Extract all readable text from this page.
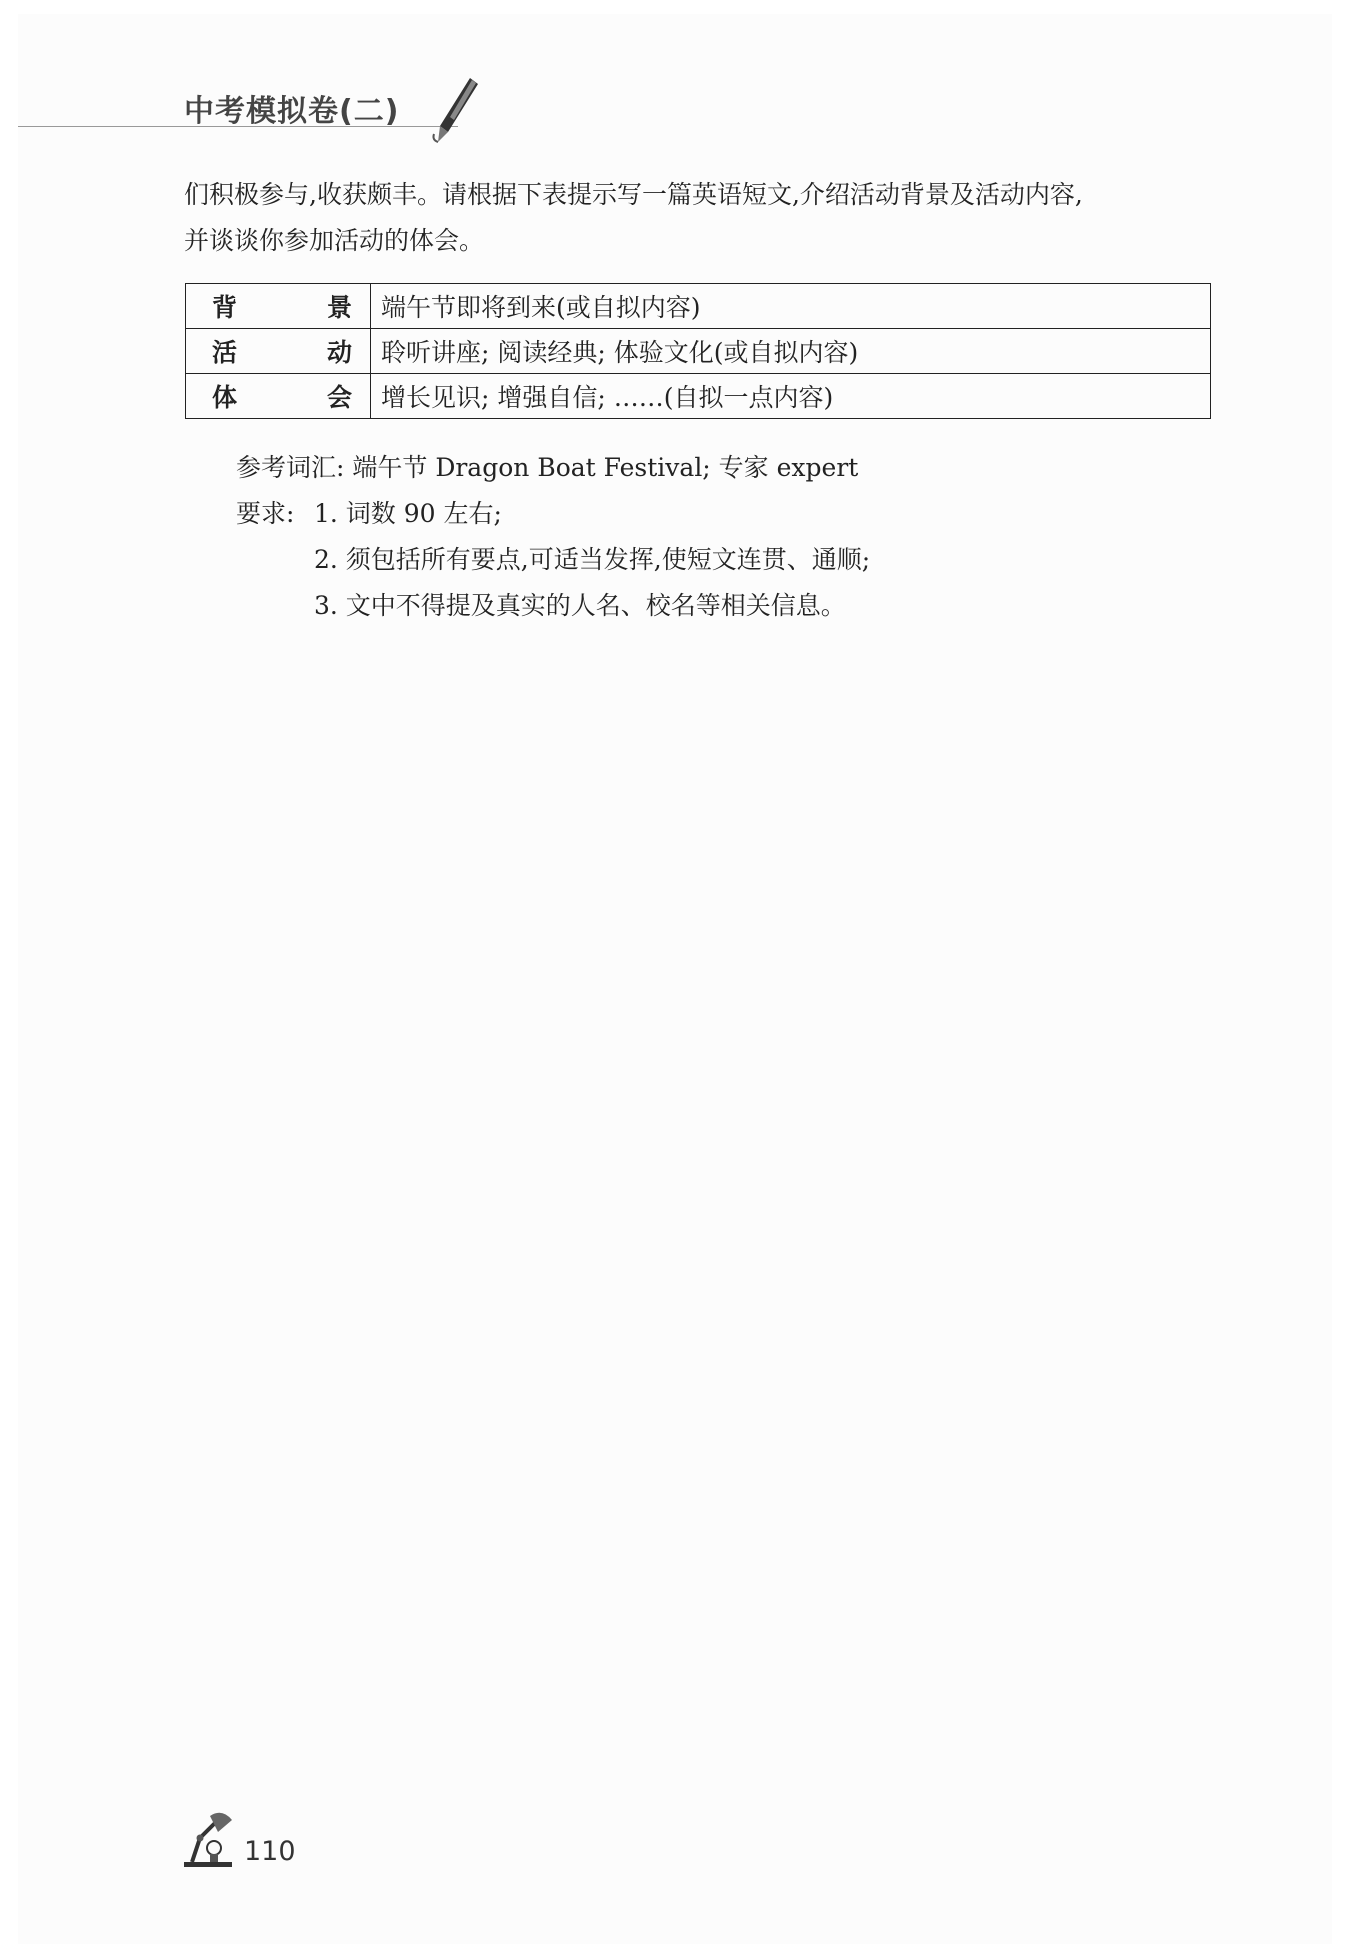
中考模拟卷(二)
们积极参与,收获颇丰。请根据下表提示写一篇英语短文,介绍活动背景及活动内容,
并谈谈你参加活动的体会。
背景	端午节即将到来(或自拟内容)
活动	聆听讲座; 阅读经典; 体验文化(或自拟内容)
体会	增长见识; 增强自信; ……(自拟一点内容)
参考词汇: 端午节 Dragon Boat Festival; 专家 expert
要求: 1. 词数 90 左右;
2. 须包括所有要点,可适当发挥,使短文连贯、通顺;
3. 文中不得提及真实的人名、校名等相关信息。
110
